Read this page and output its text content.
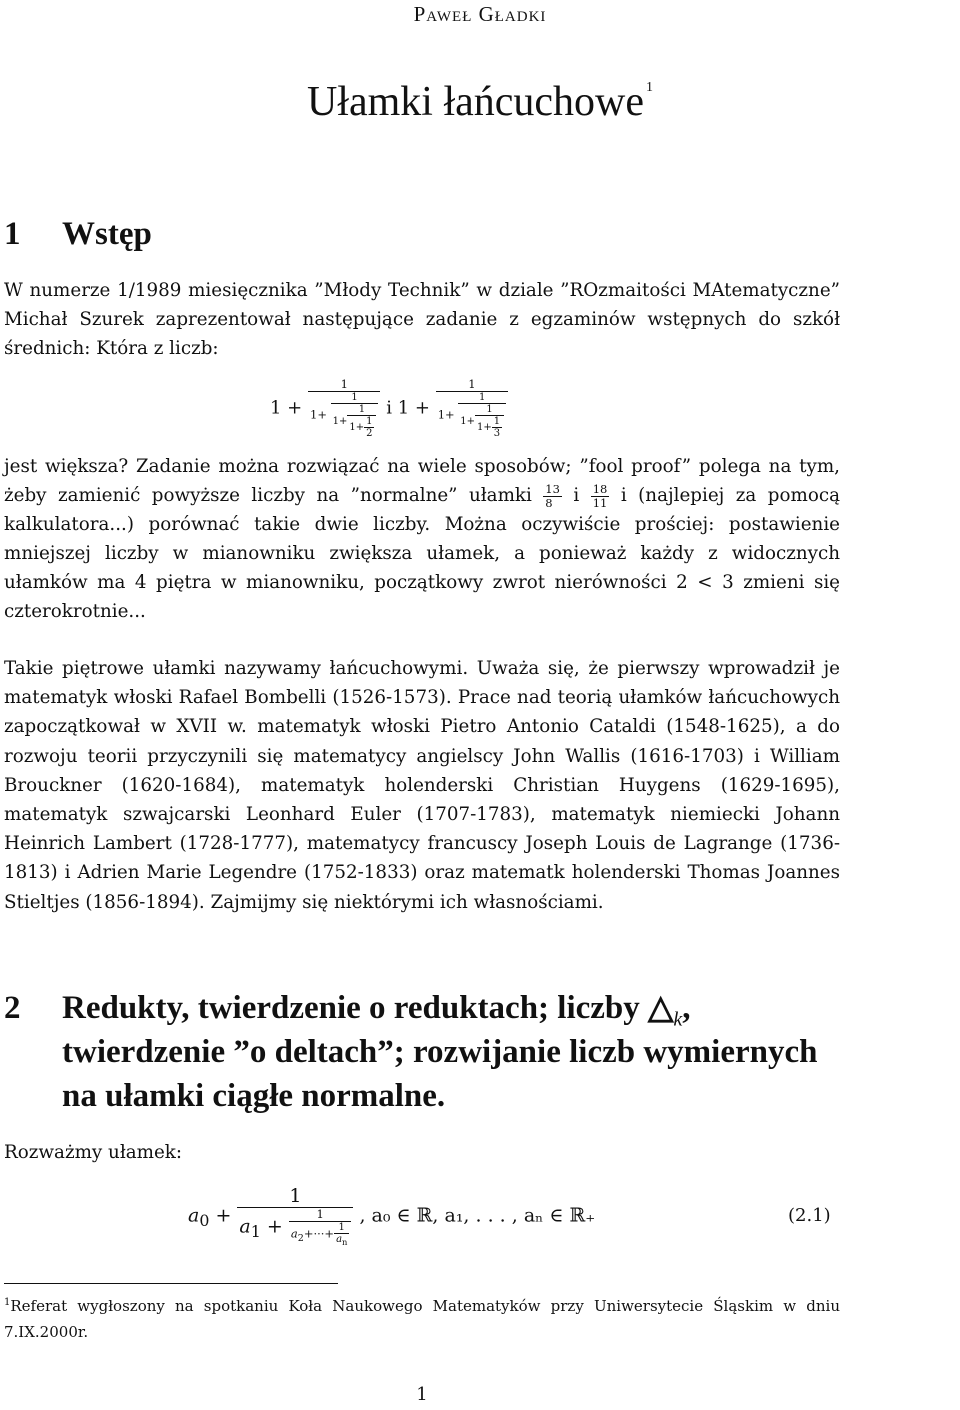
Paweł Gładki
Ułamki łańcuchowe $^1$
1 Wstęp
W numerze 1/1989 miesięcznika ”Młody Technik” w dziale ”ROzmaitości MAtematyczne” Michał Szurek zaprezentował następujące zadanie z egzaminów wstępnych do szkół średnich: Która z liczb:
$1 + \frac{1}{1+ \frac{1}{1+ \frac{1}{1+ \frac{1}{2}}}}$ i $1 + \frac{1}{1+ \frac{1}{1+ \frac{1}{1+ \frac{1}{3}}}}$
jest większa? Zadanie można rozwiązać na wiele sposobów; ”fool proof” polega na tym, żeby zamienić powyższe liczby na ”normalne” ułamki $\frac{13}{8}$ i $\frac{18}{11}$ i (najlepiej za pomocą kalkulatora...) porównać takie dwie liczby. Można oczywiście prościej: postawienie mniejszej liczby w mianowniku zwiększa ułamek, a ponieważ każdy z widocznych ułamków ma 4 piętra w mianowniku, początkowy zwrot nierówności 2 < 3 zmieni się czterokrotnie...
Takie piętrowe ułamki nazywamy łańcuchowymi. Uważa się, że pierwszy wprowadził je matematyk włoski Rafael Bombelli (1526-1573). Prace nad teorią ułamków łańcuchowych zapoczątkował w XVII w. matematyk włoski Pietro Antonio Cataldi (1548-1625), a do rozwoju teorii przyczynili się matematycy angielscy John Wallis (1616-1703) i William Brouckner (1620-1684), matematyk holenderski Christian Huygens (1629-1695), matematyk szwajcarski Leonhard Euler (1707-1783), matematyk niemiecki Johann Heinrich Lambert (1728-1777), matematycy francuscy Joseph Louis de Lagrange (1736-1813) i Adrien Marie Legendre (1752-1833) oraz matematk holenderski Thomas Joannes Stieltjes (1856-1894). Zajmijmy się niektórymi ich własnościami.
2 Redukty, twierdzenie o reduktach; liczby $\triangle_k$,
twierdzenie ”o deltach”; rozwijanie liczb wymiernych
na ułamki ciągłe normalne.
Rozważmy ułamek:
$a_0 + \frac{1}{a_1 + \frac{1}{a_2+\cdot\cdot\cdot+ \frac{1}{a_n}}}$ , a₀ ∈ ℝ, a₁, . . . , aₙ ∈ ℝ₊	(2.1)
$^1$Referat wygłoszony na spotkaniu Koła Naukowego Matematyków przy Uniwersytecie Śląskim w dniu 7.IX.2000r.
1
